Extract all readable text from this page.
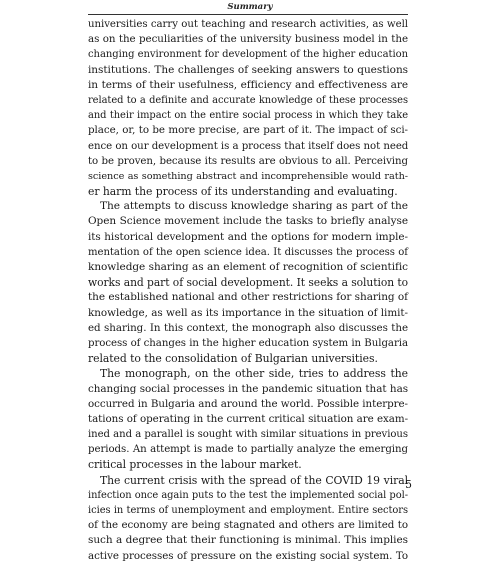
Summary
universities carry out teaching and research activities, as well
as on the peculiarities of the university business model in the
changing environment for development of the higher education
institutions. The challenges of seeking answers to questions
in terms of their usefulness, efficiency and effectiveness are
related to a definite and accurate knowledge of these processes
and their impact on the entire social process in which they take
place, or, to be more precise, are part of it. The impact of sci-
ence on our development is a process that itself does not need
to be proven, because its results are obvious to all. Perceiving
science as something abstract and incomprehensible would rath-
er harm the process of its understanding and evaluating.
The attempts to discuss knowledge sharing as part of the
Open Science movement include the tasks to briefly analyse
its historical development and the options for modern imple-
mentation of the open science idea. It discusses the process of
knowledge sharing as an element of recognition of scientific
works and part of social development. It seeks a solution to
the established national and other restrictions for sharing of
knowledge, as well as its importance in the situation of limit-
ed sharing. In this context, the monograph also discusses the
process of changes in the higher education system in Bulgaria
related to the consolidation of Bulgarian universities.
The monograph, on the other side, tries to address the
changing social processes in the pandemic situation that has
occurred in Bulgaria and around the world. Possible interpre-
tations of operating in the current critical situation are exam-
ined and a parallel is sought with similar situations in previous
periods. An attempt is made to partially analyze the emerging
critical processes in the labour market.
The current crisis with the spread of the COVID 19 viral
infection once again puts to the test the implemented social pol-
icies in terms of unemployment and employment. Entire sectors
of the economy are being stagnated and others are limited to
such a degree that their functioning is minimal. This implies
active processes of pressure on the existing social system. To
5
